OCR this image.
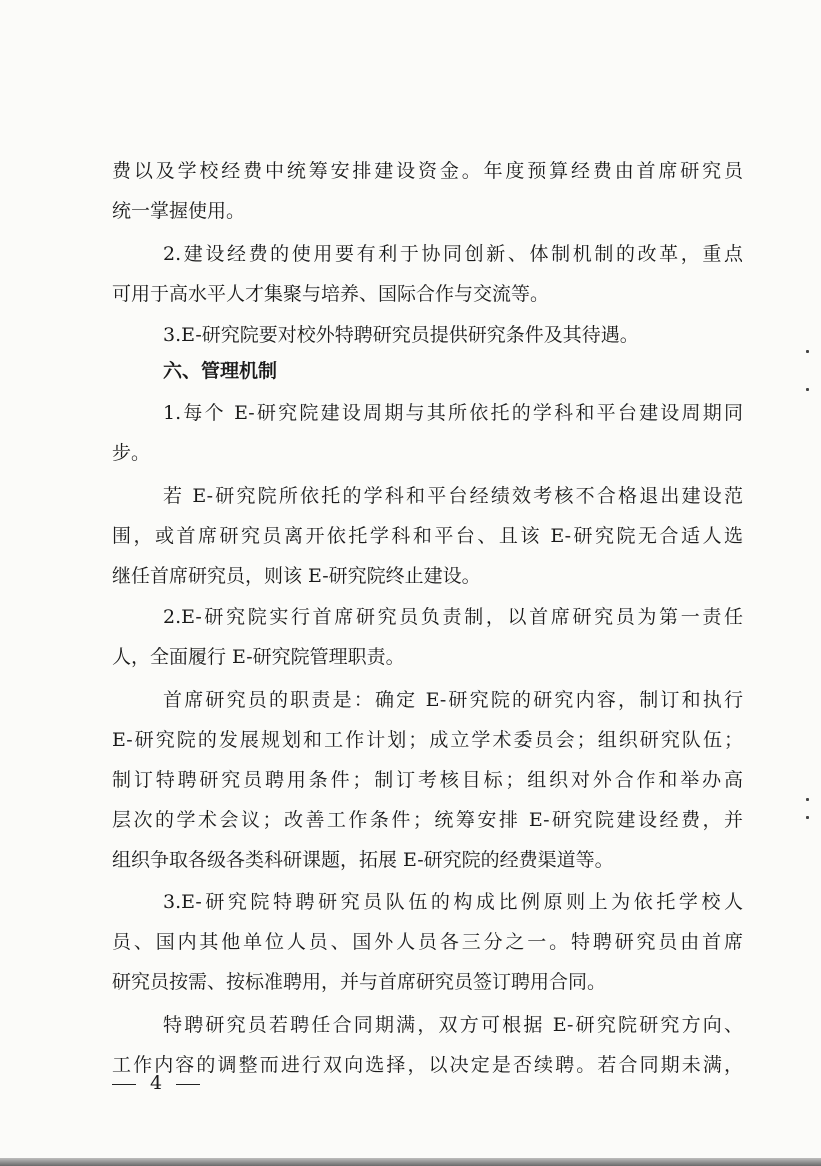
费以及学校经费中统筹安排建设资金。年度预算经费由首席研究员
统一掌握使用。
2.建设经费的使用要有利于协同创新、体制机制的改革，重点
可用于高水平人才集聚与培养、国际合作与交流等。
3.E-研究院要对校外特聘研究员提供研究条件及其待遇。
六、管理机制
1.每个 E-研究院建设周期与其所依托的学科和平台建设周期同
步。
若 E-研究院所依托的学科和平台经绩效考核不合格退出建设范
围，或首席研究员离开依托学科和平台、且该 E-研究院无合适人选
继任首席研究员，则该 E-研究院终止建设。
2.E-研究院实行首席研究员负责制，以首席研究员为第一责任
人，全面履行 E-研究院管理职责。
首席研究员的职责是：确定 E-研究院的研究内容，制订和执行
E-研究院的发展规划和工作计划；成立学术委员会；组织研究队伍；
制订特聘研究员聘用条件；制订考核目标；组织对外合作和举办高
层次的学术会议；改善工作条件；统筹安排 E-研究院建设经费，并
组织争取各级各类科研课题，拓展 E-研究院的经费渠道等。
3.E-研究院特聘研究员队伍的构成比例原则上为依托学校人
员、国内其他单位人员、国外人员各三分之一。特聘研究员由首席
研究员按需、按标准聘用，并与首席研究员签订聘用合同。
特聘研究员若聘任合同期满，双方可根据 E-研究院研究方向、
工作内容的调整而进行双向选择，以决定是否续聘。若合同期未满，
4
